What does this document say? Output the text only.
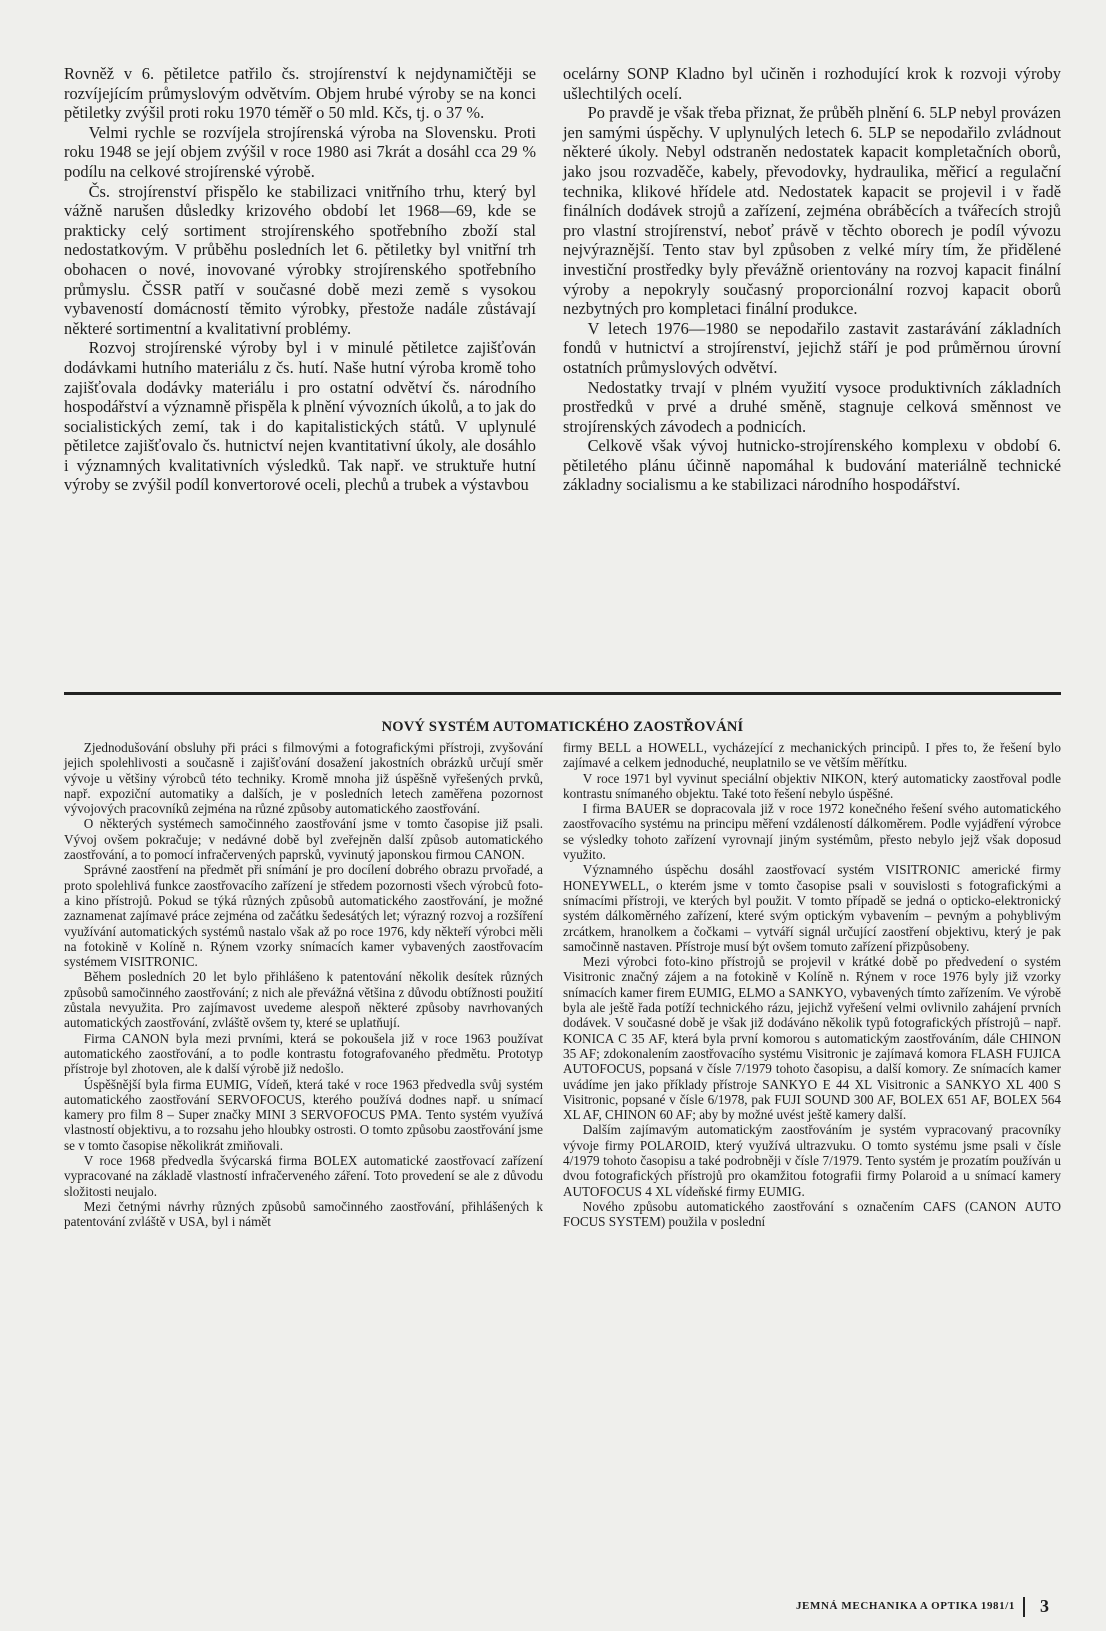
Rovněž v 6. pětiletce patřilo čs. strojírenství k nejdynamičtěji se rozvíjejícím průmyslovým odvětvím. Objem hrubé výroby se na konci pětiletky zvýšil proti roku 1970 téměř o 50 mld. Kčs, tj. o 37 %.

Velmi rychle se rozvíjela strojírenská výroba na Slovensku. Proti roku 1948 se její objem zvýšil v roce 1980 asi 7krát a dosáhl cca 29 % podílu na celkové strojírenské výrobě.

Čs. strojírenství přispělo ke stabilizaci vnitřního trhu, který byl vážně narušen důsledky krizového období let 1968—69, kde se prakticky celý sortiment strojírenského spotřebního zboží stal nedostatkovým. V průběhu posledních let 6. pětiletky byl vnitřní trh obohacen o nové, inovované výrobky strojírenského spotřebního průmyslu. ČSSR patří v současné době mezi země s vysokou vybaveností domácností těmito výrobky, přestože nadále zůstávají některé sortimentní a kvalitativní problémy.

Rozvoj strojírenské výroby byl i v minulé pětiletce zajišťován dodávkami hutního materiálu z čs. hutí. Naše hutní výroba kromě toho zajišťovala dodávky materiálu i pro ostatní odvětví čs. národního hospodářství a významně přispěla k plnění vývozních úkolů, a to jak do socialistických zemí, tak i do kapitalistických států. V uplynulé pětiletce zajišťovalo čs. hutnictví nejen kvantitativní úkoly, ale dosáhlo i významných kvalitativních výsledků. Tak např. ve struktuře hutní výroby se zvýšil podíl konvertorové oceli, plechů a trubek a výstavbou

ocelárny SONP Kladno byl učiněn i rozhodující krok k rozvoji výroby ušlechtilých ocelí.

Po pravdě je však třeba přiznat, že průběh plnění 6. 5LP nebyl provázen jen samými úspěchy. V uplynulých letech 6. 5LP se nepodařilo zvládnout některé úkoly. Nebyl odstraněn nedostatek kapacit kompletačních oborů, jako jsou rozvaděče, kabely, převodovky, hydraulika, měřicí a regulační technika, klikové hřídele atd. Nedostatek kapacit se projevil i v řadě finálních dodávek strojů a zařízení, zejména obráběcích a tvářecích strojů pro vlastní strojírenství, neboť právě v těchto oborech je podíl vývozu nejvýraznější. Tento stav byl způsoben z velké míry tím, že přidělené investiční prostředky byly převážně orientovány na rozvoj kapacit finální výroby a nepokryly současný proporcionální rozvoj kapacit oborů nezbytných pro kompletaci finální produkce.

V letech 1976—1980 se nepodařilo zastavit zastarávání základních fondů v hutnictví a strojírenství, jejichž stáří je pod průměrnou úrovní ostatních průmyslových odvětví.

Nedostatky trvají v plném využití vysoce produktivních základních prostředků v prvé a druhé směně, stagnuje celková směnnost ve strojírenských závodech a podnicích.

Celkově však vývoj hutnicko-strojírenského komplexu v období 6. pětiletého plánu účinně napomáhal k budování materiálně technické základny socialismu a ke stabilizaci národního hospodářství.

NOVÝ SYSTÉM AUTOMATICKÉHO ZAOSTŘOVÁNÍ

Zjednodušování obsluhy při práci s filmovými a fotografickými přístroji, zvyšování jejich spolehlivosti a současně i zajišťování dosažení jakostních obrázků určují směr vývoje u většiny výrobců této techniky. Kromě mnoha již úspěšně vyřešených prvků, např. expoziční automatiky a dalších, je v posledních letech zaměřena pozornost vývojových pracovníků zejména na různé způsoby automatického zaostřování.

O některých systémech samočinného zaostřování jsme v tomto časopise již psali. Vývoj ovšem pokračuje; v nedávné době byl zveřejněn další způsob automatického zaostřování, a to pomocí infračervených paprsků, vyvinutý japonskou firmou CANON.

Správné zaostření na předmět při snímání je pro docílení dobrého obrazu prvořadé, a proto spolehlivá funkce zaostřovacího zařízení je středem pozornosti všech výrobců foto- a kino přístrojů. Pokud se týká různých způsobů automatického zaostřování, je možné zaznamenat zajímavé práce zejména od začátku šedesátých let; výrazný rozvoj a rozšíření využívání automatických systémů nastalo však až po roce 1976, kdy někteří výrobci měli na fotokině v Kolíně n. Rýnem vzorky snímacích kamer vybavených zaostřovacím systémem VISITRONIC.

Během posledních 20 let bylo přihlášeno k patentování několik desítek různých způsobů samočinného zaostřování; z nich ale převážná většina z důvodu obtížnosti použití zůstala nevyužita. Pro zajímavost uvedeme alespoň některé způsoby navrhovaných automatických zaostřování, zvláště ovšem ty, které se uplatňují.

Firma CANON byla mezi prvními, která se pokoušela již v roce 1963 používat automatického zaostřování, a to podle kontrastu fotografovaného předmětu. Prototyp přístroje byl zhotoven, ale k další výrobě již nedošlo.

Úspěšnější byla firma EUMIG, Vídeň, která také v roce 1963 předvedla svůj systém automatického zaostřování SERVOFOCUS, kterého používá dodnes např. u snímací kamery pro film 8 – Super značky MINI 3 SERVOFOCUS PMA. Tento systém využívá vlastností objektivu, a to rozsahu jeho hloubky ostrosti. O tomto způsobu zaostřování jsme se v tomto časopise několikrát zmiňovali.

V roce 1968 předvedla švýcarská firma BOLEX automatické zaostřovací zařízení vypracované na základě vlastností infračerveného záření. Toto provedení se ale z důvodu složitosti neujalo.

Mezi četnými návrhy různých způsobů samočinného zaostřování, přihlášených k patentování zvláště v USA, byl i námět

firmy BELL a HOWELL, vycházející z mechanických principů. I přes to, že řešení bylo zajímavé a celkem jednoduché, neuplatnilo se ve větším měřítku.

V roce 1971 byl vyvinut speciální objektiv NIKON, který automaticky zaostřoval podle kontrastu snímaného objektu. Také toto řešení nebylo úspěšné.

I firma BAUER se dopracovala již v roce 1972 konečného řešení svého automatického zaostřovacího systému na principu měření vzdáleností dálkoměrem. Podle vyjádření výrobce se výsledky tohoto zařízení vyrovnají jiným systémům, přesto nebylo jejž však doposud využito.

Významného úspěchu dosáhl zaostřovací systém VISITRONIC americké firmy HONEYWELL, o kterém jsme v tomto časopise psali v souvislosti s fotografickými a snímacími přístroji, ve kterých byl použit. V tomto případě se jedná o opticko-elektronický systém dálkoměrného zařízení, které svým optickým vybavením – pevným a pohyblivým zrcátkem, hranolkem a čočkami – vytváří signál určující zaostření objektivu, který je pak samočinně nastaven. Přístroje musí být ovšem tomuto zařízení přizpůsobeny.

Mezi výrobci foto-kino přístrojů se projevil v krátké době po předvedení o systém Visitronic značný zájem a na fotokině v Kolíně n. Rýnem v roce 1976 byly již vzorky snímacích kamer firem EUMIG, ELMO a SANKYO, vybavených tímto zařízením. Ve výrobě byla ale ještě řada potíží technického rázu, jejichž vyřešení velmi ovlivnilo zahájení prvních dodávek. V současné době je však již dodáváno několik typů fotografických přístrojů – např. KONICA C 35 AF, která byla první komorou s automatickým zaostřováním, dále CHINON 35 AF; zdokonalením zaostřovacího systému Visitronic je zajímavá komora FLASH FUJICA AUTOFOCUS, popsaná v čísle 7/1979 tohoto časopisu, a další komory. Ze snímacích kamer uvádíme jen jako příklady přístroje SANKYO E 44 XL Visitronic a SANKYO XL 400 S Visitronic, popsané v čísle 6/1978, pak FUJI SOUND 300 AF, BOLEX 651 AF, BOLEX 564 XL AF, CHINON 60 AF; aby by možné uvést ještě kamery další.

Dalším zajímavým automatickým zaostřováním je systém vypracovaný pracovníky vývoje firmy POLAROID, který využívá ultrazvuku. O tomto systému jsme psali v čísle 4/1979 tohoto časopisu a také podrobněji v čísle 7/1979. Tento systém je prozatím používán u dvou fotografických přístrojů pro okamžitou fotografii firmy Polaroid a u snímací kamery AUTOFOCUS 4 XL vídeňské firmy EUMIG.

Nového způsobu automatického zaostřování s označením CAFS (CANON AUTO FOCUS SYSTEM) použila v poslední

JEMNÁ MECHANIKA A OPTIKA 1981/1 3
